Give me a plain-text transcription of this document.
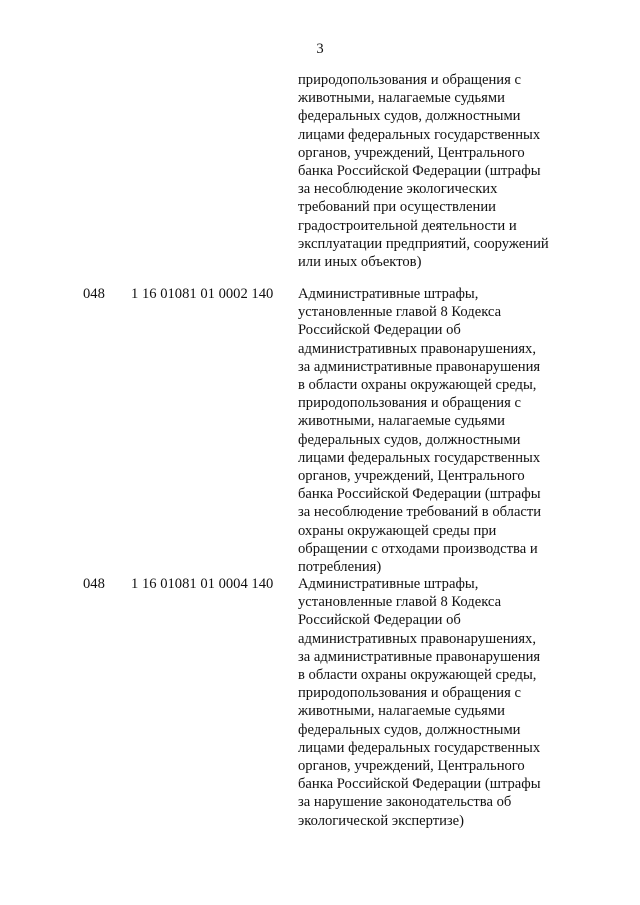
3
природопользования и обращения с
животными, налагаемые судьями
федеральных судов, должностными
лицами федеральных государственных
органов, учреждений, Центрального
банка Российской Федерации (штрафы
за несоблюдение экологических
требований при осуществлении
градостроительной деятельности и
эксплуатации предприятий, сооружений
или иных объектов)
048 1 16 01081 01 0002 140 Административные штрафы,
установленные главой 8 Кодекса
Российской Федерации об
административных правонарушениях,
за административные правонарушения
в области охраны окружающей среды,
природопользования и обращения с
животными, налагаемые судьями
федеральных судов, должностными
лицами федеральных государственных
органов, учреждений, Центрального
банка Российской Федерации (штрафы
за несоблюдение требований в области
охраны окружающей среды при
обращении с отходами производства и
потребления)
048 1 16 01081 01 0004 140 Административные штрафы,
установленные главой 8 Кодекса
Российской Федерации об
административных правонарушениях,
за административные правонарушения
в области охраны окружающей среды,
природопользования и обращения с
животными, налагаемые судьями
федеральных судов, должностными
лицами федеральных государственных
органов, учреждений, Центрального
банка Российской Федерации (штрафы
за нарушение законодательства об
экологической экспертизе)
